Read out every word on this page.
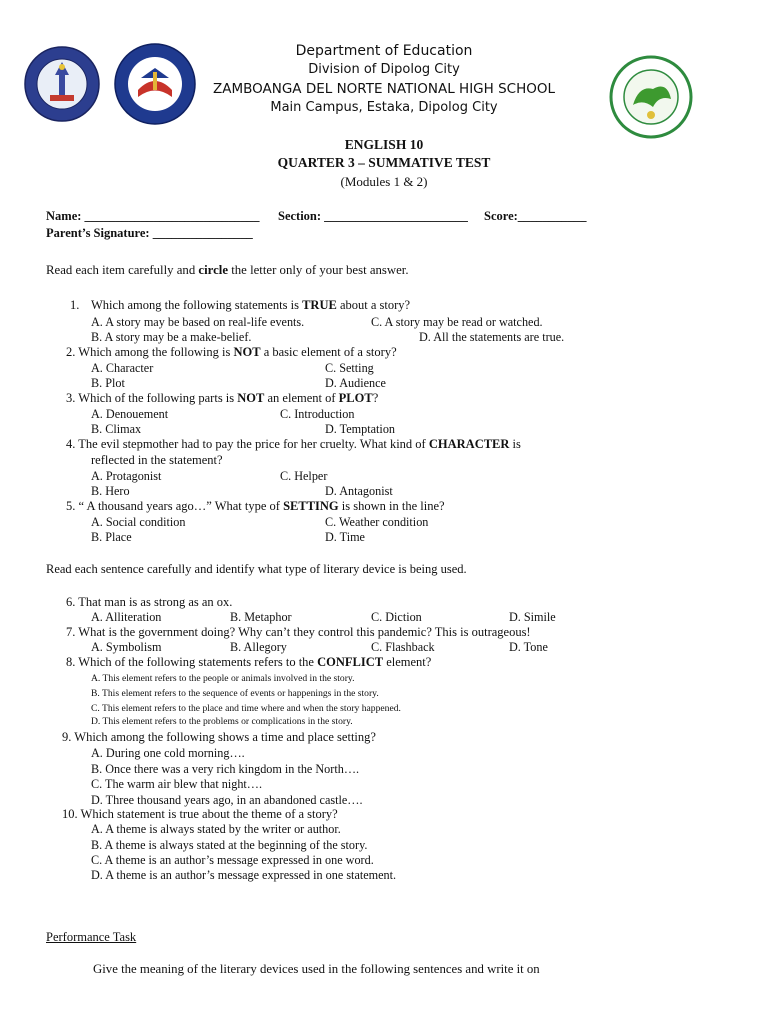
Department of Education
Division of Dipolog City
ZAMBOANGA DEL NORTE NATIONAL HIGH SCHOOL
Main Campus, Estaka, Dipolog City
ENGLISH 10
QUARTER 3 – SUMMATIVE TEST
(Modules 1 & 2)
Name: ____________________________ Section: _______________________ Score:___________
Parent’s Signature: ________________
Read each item carefully and circle the letter only of your best answer.
1. Which among the following statements is TRUE about a story?
A. A story may be based on real-life events.	C. A story may be read or watched.
B. A story may be a make-belief.	D. All the statements are true.
2. Which among the following is NOT a basic element of a story?
A. Character	C. Setting
B. Plot	D. Audience
3. Which of the following parts is NOT an element of PLOT?
A. Denouement	C. Introduction
B. Climax	D. Temptation
4. The evil stepmother had to pay the price for her cruelty. What kind of CHARACTER is
reflected in the statement?
A. Protagonist	C. Helper
B. Hero	D. Antagonist
5. “ A thousand years ago…” What type of SETTING is shown in the line?
A. Social condition	C. Weather condition
B. Place	D. Time
Read each sentence carefully and identify what type of literary device is being used.
6. That man is as strong as an ox.
A. Alliteration	B. Metaphor	C. Diction	D. Simile
7. What is the government doing? Why can’t they control this pandemic? This is outrageous!
A. Symbolism	B. Allegory	C. Flashback	D. Tone
8. Which of the following statements refers to the CONFLICT element?
A. This element refers to the people or animals involved in the story.
B. This element refers to the sequence of events or happenings in the story.
C. This element refers to the place and time where and when the story happened.
D. This element refers to the problems or complications in the story.
9. Which among the following shows a time and place setting?
A. During one cold morning….
B. Once there was a very rich kingdom in the North….
C. The warm air blew that night….
D. Three thousand years ago, in an abandoned castle….
10. Which statement is true about the theme of a story?
A. A theme is always stated by the writer or author.
B. A theme is always stated at the beginning of the story.
C. A theme is an author’s message expressed in one word.
D. A theme is an author’s message expressed in one statement.
Performance Task
Give the meaning of the literary devices used in the following sentences and write it on
